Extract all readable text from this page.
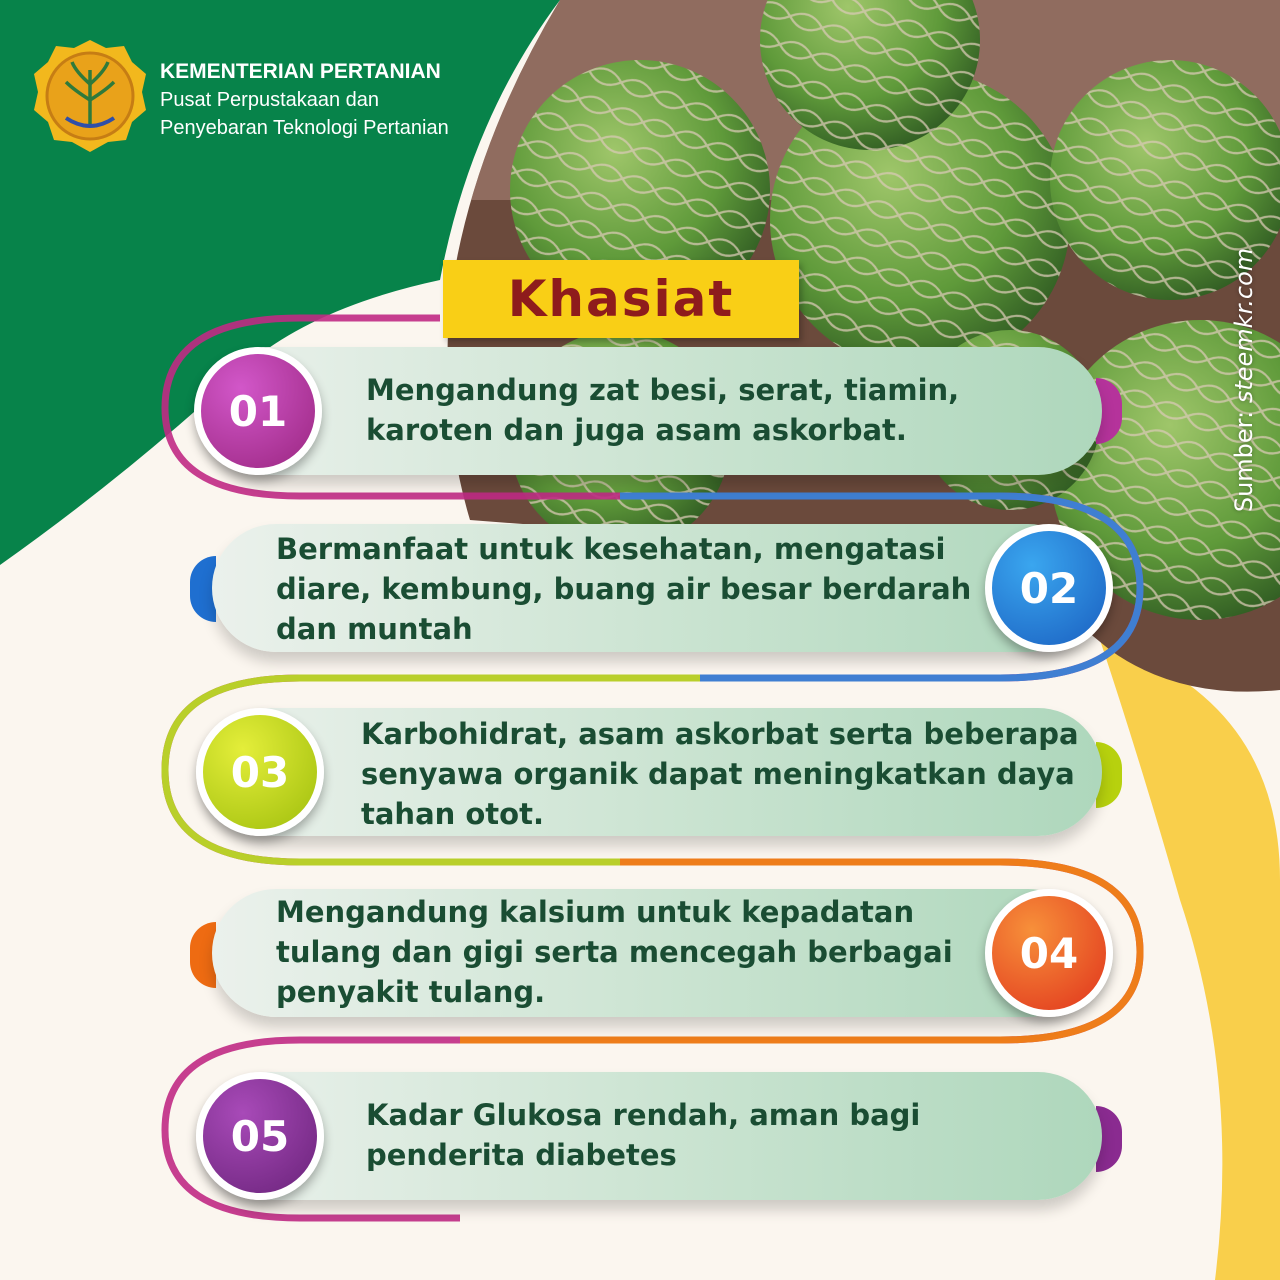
KEMENTERIAN PERTANIAN
Pusat Perpustakaan dan
Penyebaran Teknologi Pertanian
Khasiat
Sumber: steemkr.com
01	Mengandung zat besi, serat, tiamin,
karoten dan juga asam askorbat.
02
Bermanfaat untuk kesehatan, mengatasi
diare, kembung, buang air besar berdarah
dan muntah
03
Karbohidrat, asam askorbat serta beberapa
senyawa organik dapat meningkatkan daya
tahan otot.
04
Mengandung kalsium untuk kepadatan
tulang dan gigi serta mencegah berbagai
penyakit tulang.
05	Kadar Glukosa rendah, aman bagi
penderita diabetes
